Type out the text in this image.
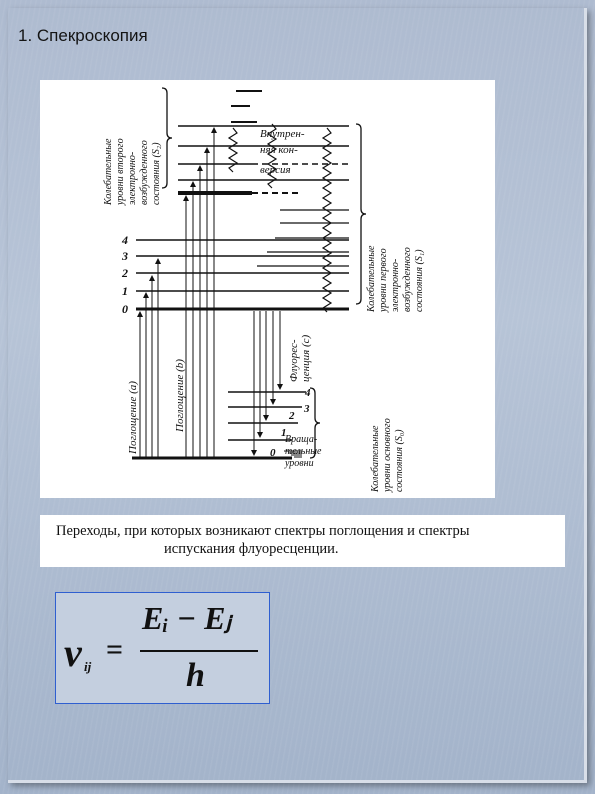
1. Спекроскопия
0
1
2
3
4
0
1
2
3
4
Внутрен-
няя кон-
версия
Враща-
тельные
уровни
Колебательные уровни второго электронно- возбужденного состояния (S₂)
Колебательные уровни первого электронно- возбужденного состояния (S₁)
Колебательные уровни основного состояния (S₀)
Поглощение (а)	Поглощение (b)	Флуорес- ценция (с)
Переходы, при которых возникают спектры поглощения и спектры
испускания флуоресценции.
ν ij
=
Eᵢ − Eⱼ
h
